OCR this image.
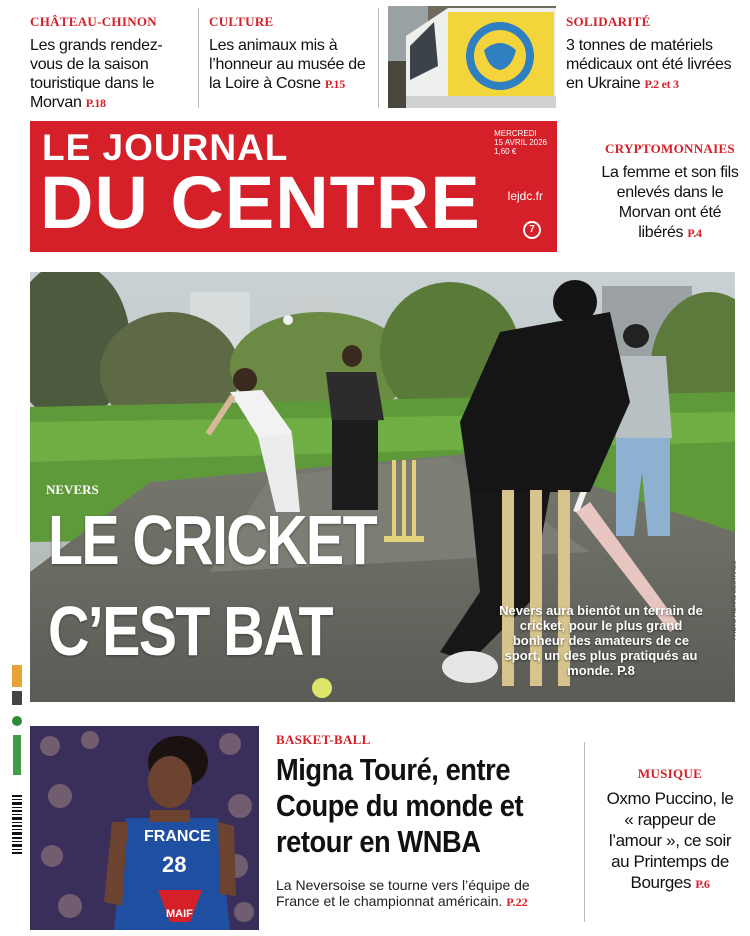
CHÂTEAU-CHINON
Les grands rendez-vous de la saison touristique dans le Morvan P.18
CULTURE
Les animaux mis à l’honneur au musée de la Loire à Cosne P.15
SOLIDARITÉ
3 tonnes de matériels médicaux ont été livrées en Ukraine P.2 et 3
LE JOURNAL
DU CENTRE
MERCREDI
15 AVRIL 2026
1,60 €
lejdc.fr
7
CRYPTOMONNAIES
La femme et son fils enlevés dans le Morvan ont été libérés P.4
NEVERS
LE CRICKET
C’EST BAT	Nevers aura bientôt un terrain de cricket, pour le plus grand bonheur des amateurs de ce sport, un des plus pratiqués au monde. P.8
PHOTO PIERRE DESTRADE
FRANCE
28
MAIF
BASKET-BALL
Migna Touré, entre Coupe du monde et retour en WNBA
La Neversoise se tourne vers l’équipe de France et le championnat américain. P.22
MUSIQUE
Oxmo Puccino, le « rappeur de l’amour », ce soir au Printemps de Bourges P.6
